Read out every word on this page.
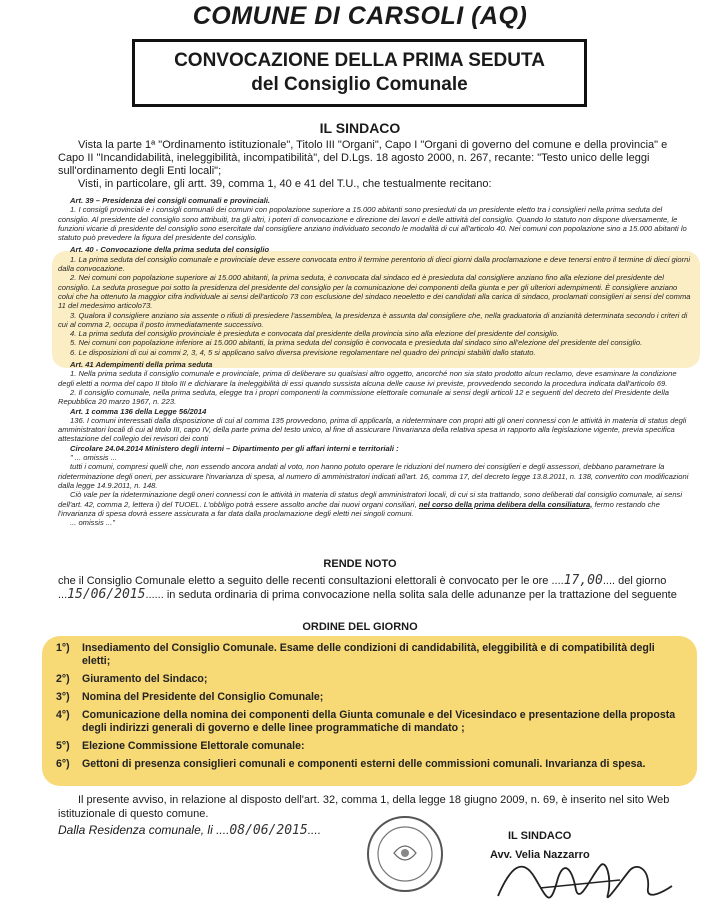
COMUNE DI CARSOLI (AQ)
CONVOCAZIONE DELLA PRIMA SEDUTA
del Consiglio Comunale
IL SINDACO

Vista la parte 1ª "Ordinamento istituzionale", Titolo III "Organi", Capo I "Organi di governo del comune e della provincia" e Capo II "Incandidabilità, ineleggibilità, incompatibilità", del D.Lgs. 18 agosto 2000, n. 267, recante: "Testo unico delle leggi sull'ordinamento degli Enti locali";

Visti, in particolare, gli artt. 39, comma 1, 40 e 41 del T.U., che testualmente recitano:

Art. 39 – Presidenza dei consigli comunali e provinciali.

1. I consigli provinciali e i consigli comunali dei comuni con popolazione superiore a 15.000 abitanti sono presieduti da un presidente eletto tra i consiglieri nella prima seduta del consiglio. Al presidente del consiglio sono attribuiti, tra gli altri, i poteri di convocazione e direzione dei lavori e delle attività del consiglio. Quando lo statuto non dispone diversamente, le funzioni vicarie di presidente del consiglio sono esercitate dal consigliere anziano individuato secondo le modalità di cui all'articolo 40. Nei comuni con popolazione sino a 15.000 abitanti lo statuto può prevedere la figura del presidente del consiglio.

Art. 40 - Convocazione della prima seduta del consiglio

1. La prima seduta del consiglio comunale e provinciale deve essere convocata entro il termine perentorio di dieci giorni dalla proclamazione e deve tenersi entro il termine di dieci giorni dalla convocazione.

2. Nei comuni con popolazione superiore ai 15.000 abitanti, la prima seduta, è convocata dal sindaco ed è presieduta dal consigliere anziano fino alla elezione del presidente del consiglio. La seduta prosegue poi sotto la presidenza del presidente del consiglio per la comunicazione dei componenti della giunta e per gli ulteriori adempimenti. È consigliere anziano colui che ha ottenuto la maggior cifra individuale ai sensi dell'articolo 73 con esclusione del sindaco neoeletto e dei candidati alla carica di sindaco, proclamati consiglieri ai sensi del comma 11 del medesimo articolo73.

3. Qualora il consigliere anziano sia assente o rifiuti di presiedere l'assemblea, la presidenza è assunta dal consigliere che, nella graduatoria di anzianità determinata secondo i criteri di cui al comma 2, occupa il posto immediatamente successivo.

4. La prima seduta del consiglio provinciale è presieduta e convocata dal presidente della provincia sino alla elezione del presidente del consiglio.

5. Nei comuni con popolazione inferiore ai 15.000 abitanti, la prima seduta del consiglio è convocata e presieduta dal sindaco sino all'elezione del presidente del consiglio.

6. Le disposizioni di cui ai commi 2, 3, 4, 5 si applicano salvo diversa previsione regolamentare nel quadro dei principi stabiliti dallo statuto.

Art. 41 Adempimenti della prima seduta

1. Nella prima seduta il consiglio comunale e provinciale, prima di deliberare su qualsiasi altro oggetto, ancorché non sia stato prodotto alcun reclamo, deve esaminare la condizione degli eletti a norma del capo II titolo III e dichiarare la ineleggibilità di essi quando sussista alcuna delle cause ivi previste, provvedendo secondo la procedura indicata dall'articolo 69.

2. Il consiglio comunale, nella prima seduta, elegge tra i propri componenti la commissione elettorale comunale ai sensi degli articoli 12 e seguenti del decreto del Presidente della Repubblica 20 marzo 1967, n. 223.

Art. 1 comma 136 della Legge 56/2014

136. I comuni interessati dalla disposizione di cui al comma 135 provvedono, prima di applicarla, a rideterminare con propri atti gli oneri connessi con le attività in materia di status degli amministratori locali di cui al titolo III, capo IV, della parte prima del testo unico, al fine di assicurare l'invarianza della relativa spesa in rapporto alla legislazione vigente, previa specifica attestazione del collegio dei revisori dei conti

Circolare 24.04.2014 Ministero degli interni – Dipartimento per gli affari interni e territoriali :

" ... omissis ...

tutti i comuni, compresi quelli che, non essendo ancora andati al voto, non hanno potuto operare le riduzioni del numero dei consiglieri e degli assessori, debbano parametrare la rideterminazione degli oneri, per assicurare l'invarianza di spesa, al numero di amministratori indicati all'art. 16, comma 17, del decreto legge 13.8.2011, n. 138, convertito con modificazioni dalla legge 14.9.2011, n. 148.

Ciò vale per la rideterminazione degli oneri connessi con le attività in materia di status degli amministratori locali, di cui si sta trattando, sono deliberati dal consiglio comunale, ai sensi dell'art. 42, comma 2, lettera i) del TUOEL. L'obbligo potrà essere assolto anche dai nuovi organi consiliari, nel corso della prima delibera della consiliatura, fermo restando che l'invarianza di spesa dovrà essere assicurata a far data dalla proclamazione degli eletti nei singoli comuni.

... omissis ..."

RENDE NOTO

che il Consiglio Comunale eletto a seguito delle recenti consultazioni elettorali è convocato per le ore ....17,00.... del giorno ...15/06/2015...... in seduta ordinaria di prima convocazione nella solita sala delle adunanze per la trattazione del seguente

ORDINE DEL GIORNO
1°)	Insediamento del Consiglio Comunale. Esame delle condizioni di candidabilità, eleggibilità e di compatibilità degli eletti;
2°)	Giuramento del Sindaco;
3°)	Nomina del Presidente del Consiglio Comunale;
4°)	Comunicazione della nomina dei componenti della Giunta comunale e del Vicesindaco e presentazione della proposta degli indirizzi generali di governo e delle linee programmatiche di mandato ;
5°)	Elezione Commissione Elettorale comunale:
6°)	Gettoni di presenza consiglieri comunali e componenti esterni delle commissioni comunali. Invarianza di spesa.

Il presente avviso, in relazione al disposto dell'art. 32, comma 1, della legge 18 giugno 2009, n. 69, è inserito nel sito Web istituzionale di questo comune.

Dalla Residenza comunale, li ....08/06/2015....	IL SINDACO
Avv. Velia Nazzarro
